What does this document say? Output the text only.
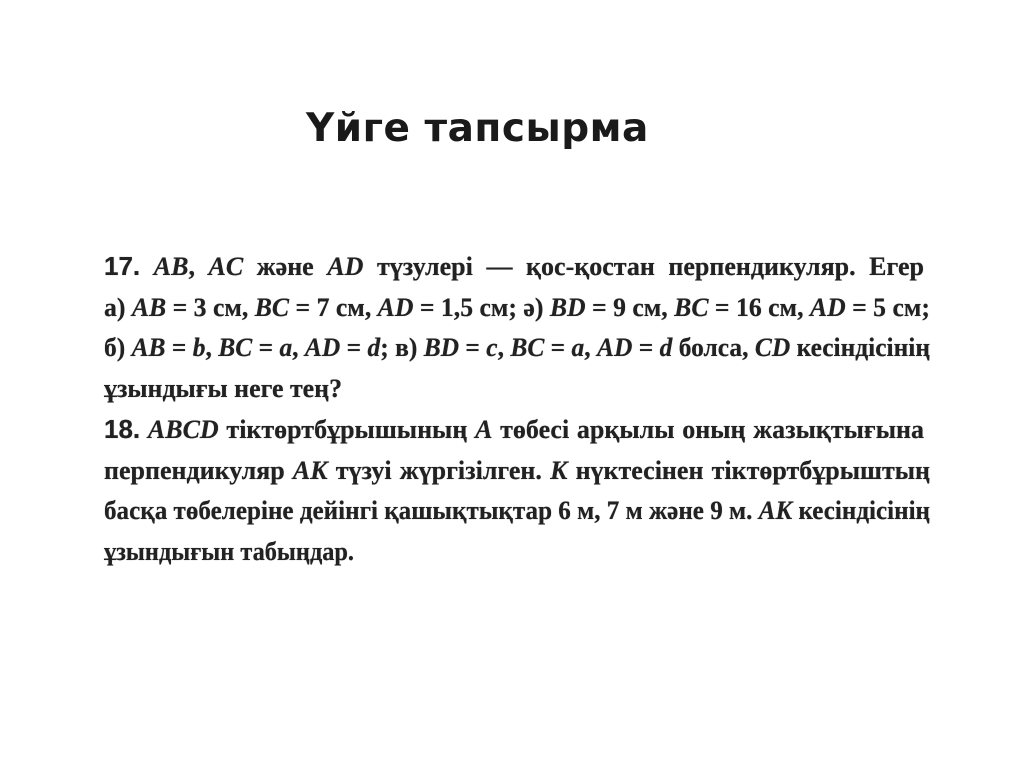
Үйге тапсырма
17. AB, AC және AD түзулері — қос-қостан перпендикуляр. Егер
а) AB = 3 см, BC = 7 см, AD = 1,5 см; ә) BD = 9 см, BC = 16 см, AD = 5 см;
б) AB = b, BC = a, AD = d; в) BD = c, BC = a, AD = d болса, CD кесіндісінің
ұзындығы неге тең?
18. ABCD тіктөртбұрышының A төбесі арқылы оның жазықтығына
перпендикуляр AK түзуі жүргізілген. K нүктесінен тіктөртбұрыштың
басқа төбелеріне дейінгі қашықтықтар 6 м, 7 м және 9 м. AK кесіндісінің
ұзындығын табыңдар.
